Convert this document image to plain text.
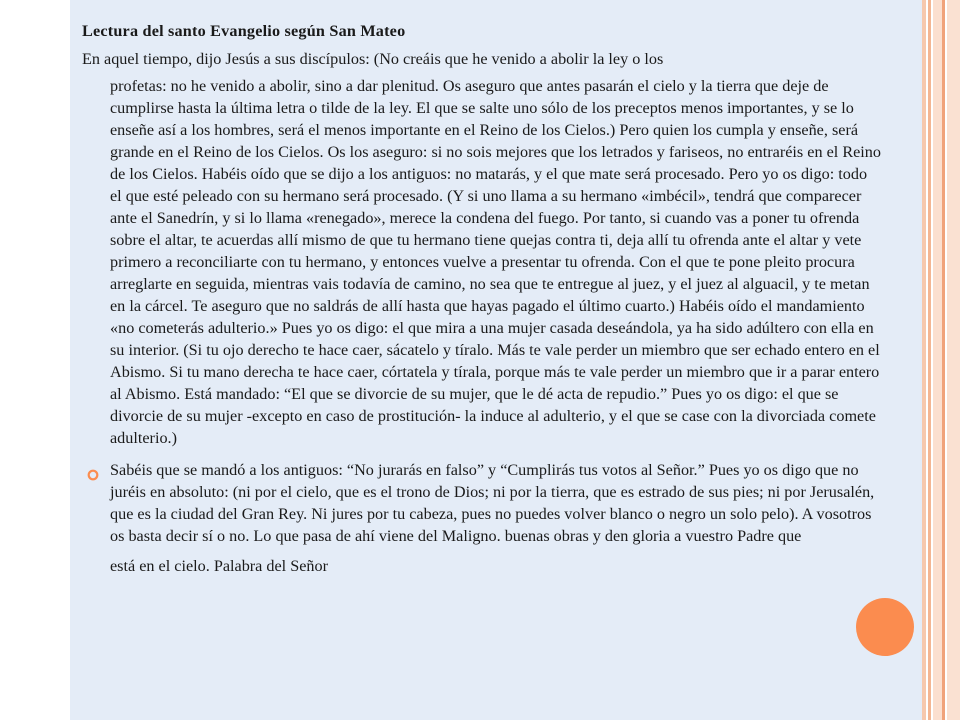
Lectura del santo Evangelio según San Mateo

En aquel tiempo, dijo Jesús a sus discípulos: (No creáis que he venido a abolir la ley o los

profetas: no he venido a abolir, sino a dar plenitud. Os aseguro que antes pasarán el cielo y la tierra que deje de cumplirse hasta la última letra o tilde de la ley. El que se salte uno sólo de los preceptos menos importantes, y se lo enseñe así a los hombres, será el menos importante en el Reino de los Cielos.) Pero quien los cumpla y enseñe, será grande en el Reino de los Cielos. Os los aseguro: si no sois mejores que los letrados y fariseos, no entraréis en el Reino de los Cielos. Habéis oído que se dijo a los antiguos: no matarás, y el que mate será procesado. Pero yo os digo: todo el que esté peleado con su hermano será procesado. (Y si uno llama a su hermano «imbécil», tendrá que comparecer ante el Sanedrín, y si lo llama «renegado», merece la condena del fuego. Por tanto, si cuando vas a poner tu ofrenda sobre el altar, te acuerdas allí mismo de que tu hermano tiene quejas contra ti, deja allí tu ofrenda ante el altar y vete primero a reconciliarte con tu hermano, y entonces vuelve a presentar tu ofrenda. Con el que te pone pleito procura arreglarte en seguida, mientras vais todavía de camino, no sea que te entregue al juez, y el juez al alguacil, y te metan en la cárcel. Te aseguro que no saldrás de allí hasta que hayas pagado el último cuarto.) Habéis oído el mandamiento «no cometerás adulterio.» Pues yo os digo: el que mira a una mujer casada deseándola, ya ha sido adúltero con ella en su interior. (Si tu ojo derecho te hace caer, sácatelo y tíralo. Más te vale perder un miembro que ser echado entero en el Abismo. Si tu mano derecha te hace caer, córtatela y tírala, porque más te vale perder un miembro que ir a parar entero al Abismo. Está mandado: “El que se divorcie de su mujer, que le dé acta de repudio.” Pues yo os digo: el que se divorcie de su mujer -excepto en caso de prostitución- la induce al adulterio, y el que se case con la divorciada comete adulterio.)

Sabéis que se mandó a los antiguos: “No jurarás en falso” y “Cumplirás tus votos al Señor.” Pues yo os digo que no juréis en absoluto: (ni por el cielo, que es el trono de Dios; ni por la tierra, que es estrado de sus pies; ni por Jerusalén, que es la ciudad del Gran Rey. Ni jures por tu cabeza, pues no puedes volver blanco o negro un solo pelo). A vosotros os basta decir sí o no. Lo que pasa de ahí viene del Maligno. buenas obras y den gloria a vuestro Padre que

está en el cielo. Palabra del Señor
